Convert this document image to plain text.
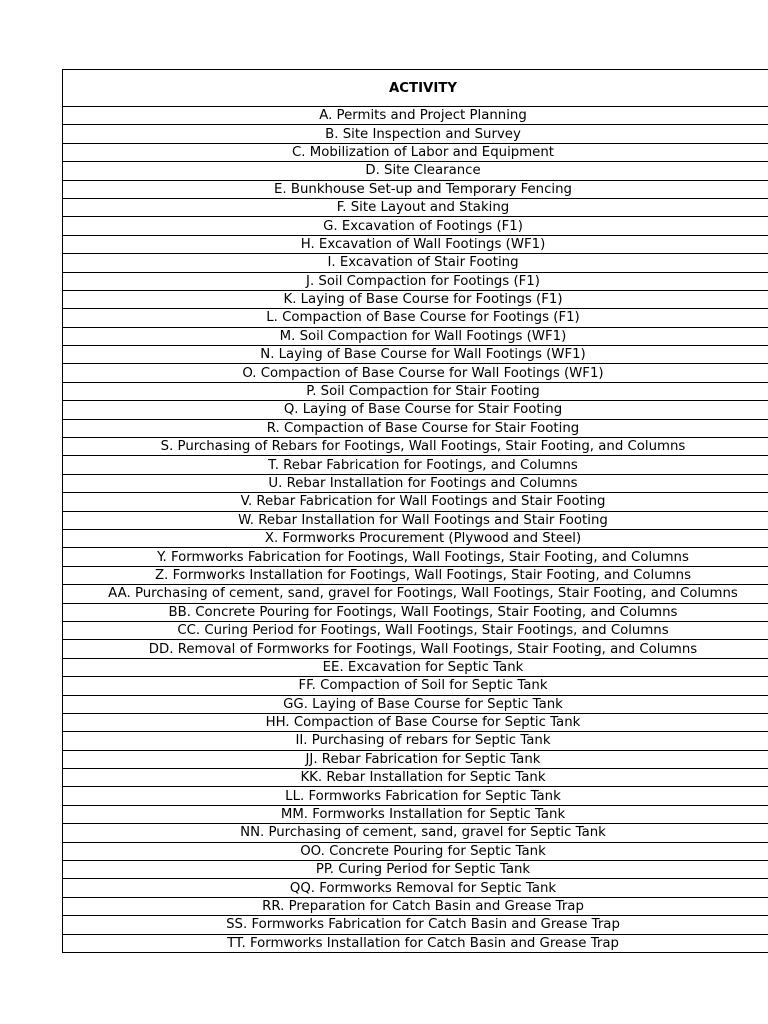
ACTIVITY

A. Permits and Project Planning

B. Site Inspection and Survey

C. Mobilization of Labor and Equipment

D. Site Clearance

E. Bunkhouse Set-up and Temporary Fencing

F. Site Layout and Staking

G. Excavation of Footings (F1)

H. Excavation of Wall Footings (WF1)

I. Excavation of Stair Footing

J. Soil Compaction for Footings (F1)

K. Laying of Base Course for Footings (F1)

L. Compaction of Base Course for Footings (F1)

M. Soil Compaction for Wall Footings (WF1)

N. Laying of Base Course for Wall Footings (WF1)

O. Compaction of Base Course for Wall Footings (WF1)

P. Soil Compaction for Stair Footing

Q. Laying of Base Course for Stair Footing

R. Compaction of Base Course for Stair Footing

S. Purchasing of Rebars for Footings, Wall Footings, Stair Footing, and Columns

T. Rebar Fabrication for Footings, and Columns

U. Rebar Installation for Footings and Columns

V. Rebar Fabrication for Wall Footings and Stair Footing

W. Rebar Installation for Wall Footings and Stair Footing

X. Formworks Procurement (Plywood and Steel)

Y. Formworks Fabrication for Footings, Wall Footings, Stair Footing, and Columns

Z. Formworks Installation for Footings, Wall Footings, Stair Footing, and Columns

AA. Purchasing of cement, sand, gravel for Footings, Wall Footings, Stair Footing, and Columns

BB. Concrete Pouring for Footings, Wall Footings, Stair Footing, and Columns

CC. Curing Period for Footings, Wall Footings, Stair Footings, and Columns

DD. Removal of Formworks for Footings, Wall Footings, Stair Footing, and Columns

EE. Excavation for Septic Tank

FF. Compaction of Soil for Septic Tank

GG. Laying of Base Course for Septic Tank

HH. Compaction of Base Course for Septic Tank

II. Purchasing of rebars for Septic Tank

JJ. Rebar Fabrication for Septic Tank

KK. Rebar Installation for Septic Tank

LL. Formworks Fabrication for Septic Tank

MM. Formworks Installation for Septic Tank

NN. Purchasing of cement, sand, gravel for Septic Tank

OO. Concrete Pouring for Septic Tank

PP. Curing Period for Septic Tank

QQ. Formworks Removal for Septic Tank

RR. Preparation for Catch Basin and Grease Trap

SS. Formworks Fabrication for Catch Basin and Grease Trap

TT. Formworks Installation for Catch Basin and Grease Trap
